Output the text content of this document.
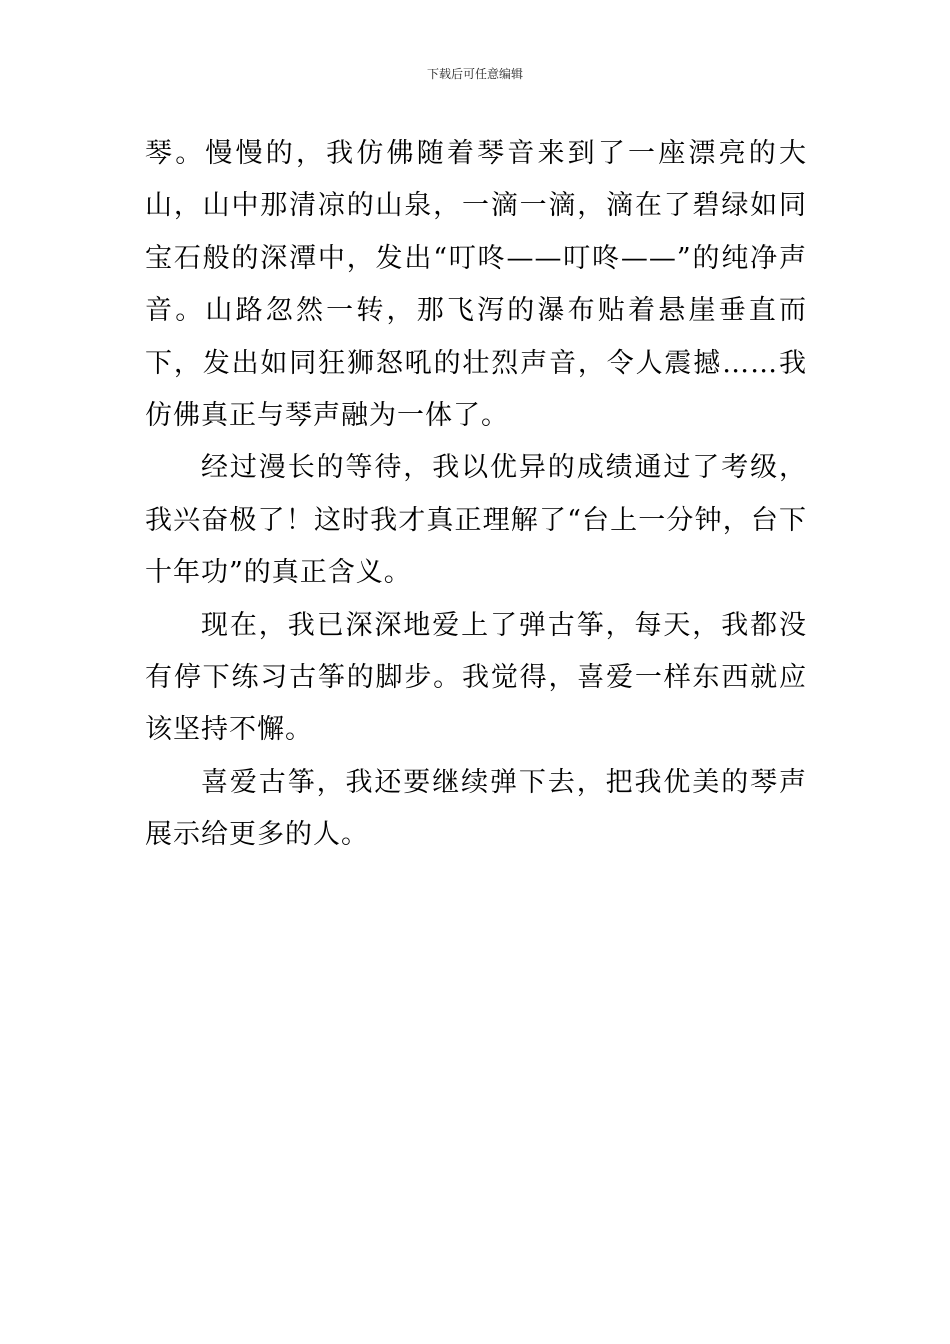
下载后可任意编辑

琴。慢慢的，我仿佛随着琴音来到了一座漂亮的大山，山中那清凉的山泉，一滴一滴，滴在了碧绿如同宝石般的深潭中，发出“叮咚——叮咚——”的纯净声音。山路忽然一转，那飞泻的瀑布贴着悬崖垂直而下，发出如同狂狮怒吼的壮烈声音，令人震撼……我仿佛真正与琴声融为一体了。

经过漫长的等待，我以优异的成绩通过了考级，我兴奋极了！这时我才真正理解了“台上一分钟，台下十年功”的真正含义。

现在，我已深深地爱上了弹古筝，每天，我都没有停下练习古筝的脚步。我觉得，喜爱一样东西就应该坚持不懈。

喜爱古筝，我还要继续弹下去，把我优美的琴声展示给更多的人。
